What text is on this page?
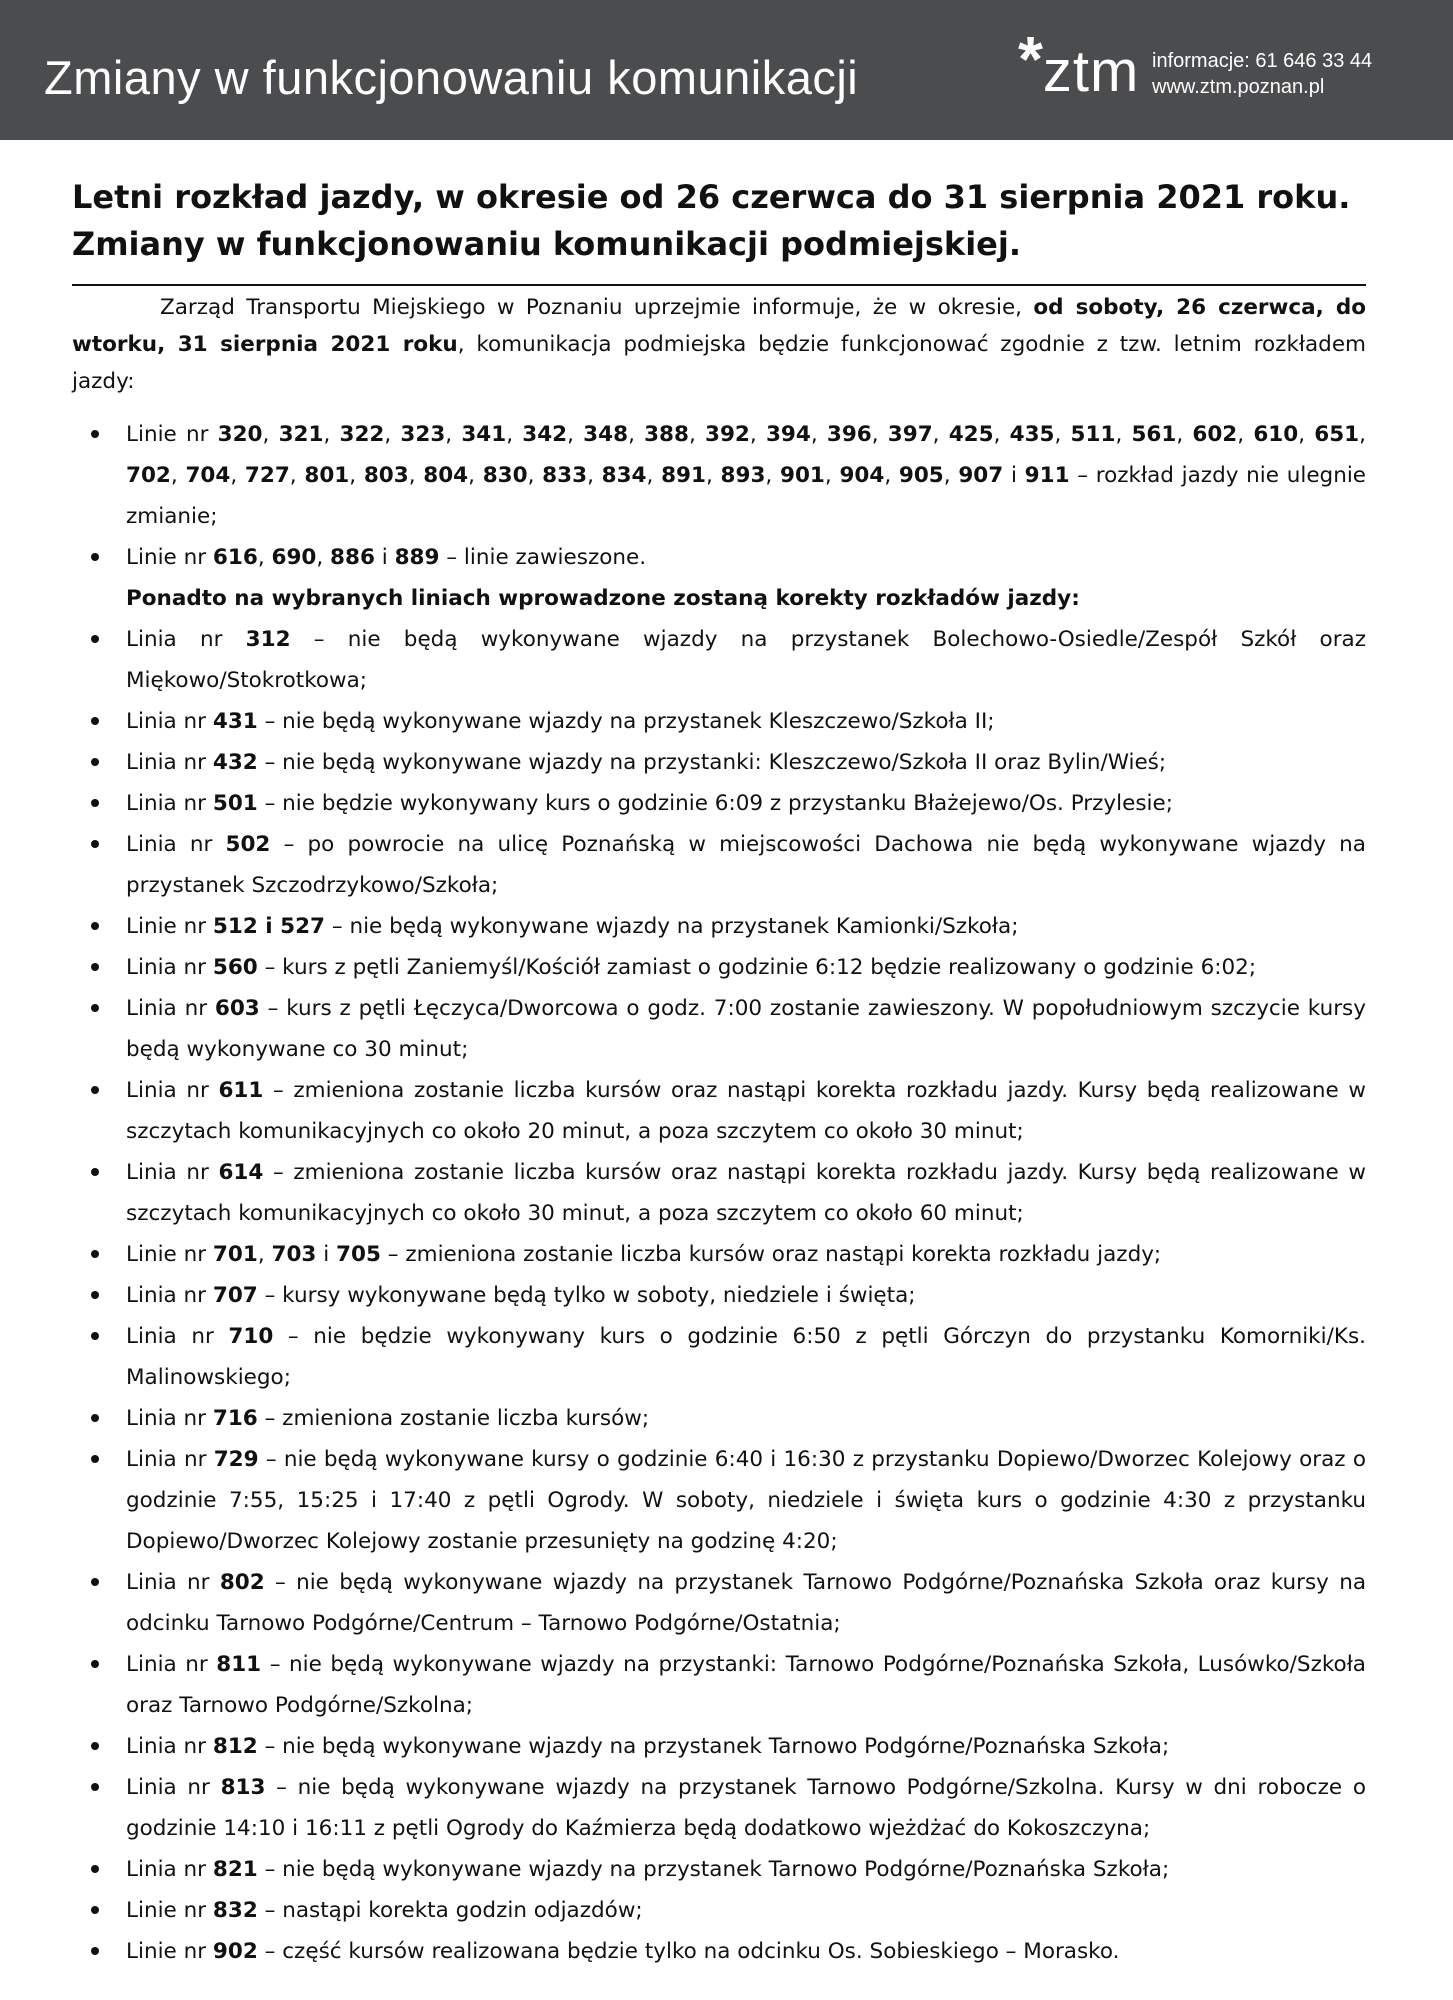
Zmiany w funkcjonowaniu komunikacji *ztm informacje: 61 646 33 44
www.ztm.poznan.pl
Letni rozkład jazdy, w okresie od 26 czerwca do 31 sierpnia 2021 roku.
Zmiany w funkcjonowaniu komunikacji podmiejskiej.

Zarząd Transportu Miejskiego w Poznaniu uprzejmie informuje, że w okresie, od soboty, 26 czerwca, do wtorku, 31 sierpnia 2021 roku, komunikacja podmiejska będzie funkcjonować zgodnie z tzw. letnim rozkładem jazdy:

Linie nr 320, 321, 322, 323, 341, 342, 348, 388, 392, 394, 396, 397, 425, 435, 511, 561, 602, 610, 651, 702, 704, 727, 801, 803, 804, 830, 833, 834, 891, 893, 901, 904, 905, 907 i 911 – rozkład jazdy nie ulegnie zmianie;
Linie nr 616, 690, 886 i 889 – linie zawieszone.
Ponadto na wybranych liniach wprowadzone zostaną korekty rozkładów jazdy:
Linia nr 312 – nie będą wykonywane wjazdy na przystanek Bolechowo-Osiedle/Zespół Szkół oraz Miękowo/Stokrotkowa;
Linia nr 431 – nie będą wykonywane wjazdy na przystanek Kleszczewo/Szkoła II;
Linia nr 432 – nie będą wykonywane wjazdy na przystanki: Kleszczewo/Szkoła II oraz Bylin/Wieś;
Linia nr 501 – nie będzie wykonywany kurs o godzinie 6:09 z przystanku Błażejewo/Os. Przylesie;
Linia nr 502 – po powrocie na ulicę Poznańską w miejscowości Dachowa nie będą wykonywane wjazdy na przystanek Szczodrzykowo/Szkoła;
Linie nr 512 i 527 – nie będą wykonywane wjazdy na przystanek Kamionki/Szkoła;
Linia nr 560 – kurs z pętli Zaniemyśl/Kościół zamiast o godzinie 6:12 będzie realizowany o godzinie 6:02;
Linia nr 603 – kurs z pętli Łęczyca/Dworcowa o godz. 7:00 zostanie zawieszony. W popołudniowym szczycie kursy będą wykonywane co 30 minut;
Linia nr 611 – zmieniona zostanie liczba kursów oraz nastąpi korekta rozkładu jazdy. Kursy będą realizowane w szczytach komunikacyjnych co około 20 minut, a poza szczytem co około 30 minut;
Linia nr 614 – zmieniona zostanie liczba kursów oraz nastąpi korekta rozkładu jazdy. Kursy będą realizowane w szczytach komunikacyjnych co około 30 minut, a poza szczytem co około 60 minut;
Linie nr 701, 703 i 705 – zmieniona zostanie liczba kursów oraz nastąpi korekta rozkładu jazdy;
Linia nr 707 – kursy wykonywane będą tylko w soboty, niedziele i święta;
Linia nr 710 – nie będzie wykonywany kurs o godzinie 6:50 z pętli Górczyn do przystanku Komorniki/Ks. Malinowskiego;
Linia nr 716 – zmieniona zostanie liczba kursów;
Linia nr 729 – nie będą wykonywane kursy o godzinie 6:40 i 16:30 z przystanku Dopiewo/Dworzec Kolejowy oraz o godzinie 7:55, 15:25 i 17:40 z pętli Ogrody. W soboty, niedziele i święta kurs o godzinie 4:30 z przystanku Dopiewo/Dworzec Kolejowy zostanie przesunięty na godzinę 4:20;
Linia nr 802 – nie będą wykonywane wjazdy na przystanek Tarnowo Podgórne/Poznańska Szkoła oraz kursy na odcinku Tarnowo Podgórne/Centrum – Tarnowo Podgórne/Ostatnia;
Linia nr 811 – nie będą wykonywane wjazdy na przystanki: Tarnowo Podgórne/Poznańska Szkoła, Lusówko/Szkoła oraz Tarnowo Podgórne/Szkolna;
Linia nr 812 – nie będą wykonywane wjazdy na przystanek Tarnowo Podgórne/Poznańska Szkoła;
Linia nr 813 – nie będą wykonywane wjazdy na przystanek Tarnowo Podgórne/Szkolna. Kursy w dni robocze o godzinie 14:10 i 16:11 z pętli Ogrody do Kaźmierza będą dodatkowo wjeżdżać do Kokoszczyna;
Linia nr 821 – nie będą wykonywane wjazdy na przystanek Tarnowo Podgórne/Poznańska Szkoła;
Linie nr 832 – nastąpi korekta godzin odjazdów;
Linie nr 902 – część kursów realizowana będzie tylko na odcinku Os. Sobieskiego – Morasko.
